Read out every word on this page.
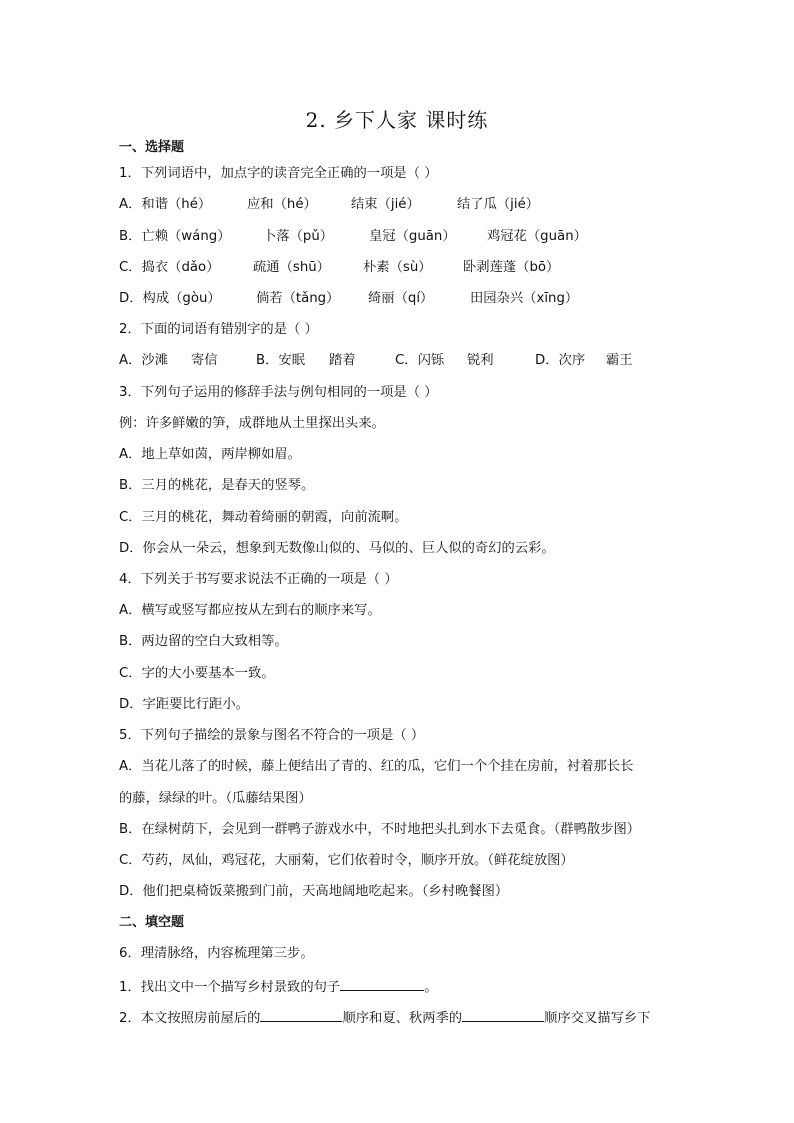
2. 乡下人家 课时练
一、选择题
1．下列词语中，加点字的读音完全正确的一项是（ ）
A．和谐（hé）	应和（hé）	结束（jié）	结了瓜（jié）
B．亡赖（wáng） 卜落（pǔ）	皇冠（guān） 鸡冠花（guān）
C．捣衣（dǎo）	疏通（shū） 朴素（sù） 卧剥莲蓬（bō）
D．构成（gòu）	倘若（tǎng） 绮丽（qí）	田园杂兴（xīng）
2．下面的词语有错别字的是（ ）
A．沙滩 寄信	B．安眠 踏着	C．闪铄 锐利	D．次序 霸王
3．下列句子运用的修辞手法与例句相同的一项是（ ）
例：许多鲜嫩的笋，成群地从土里探出头来。
A．地上草如茵，两岸柳如眉。
B．三月的桃花，是春天的竖琴。
C．三月的桃花，舞动着绮丽的朝霞，向前流啊。
D．你会从一朵云，想象到无数像山似的、马似的、巨人似的奇幻的云彩。
4．下列关于书写要求说法不正确的一项是（ ）
A．横写或竖写都应按从左到右的顺序来写。
B．两边留的空白大致相等。
C．字的大小要基本一致。
D．字距要比行距小。
5．下列句子描绘的景象与图名不符合的一项是（ ）
A．当花儿落了的时候，藤上便结出了青的、红的瓜，它们一个个挂在房前，衬着那长长
的藤，绿绿的叶。（瓜藤结果图）
B．在绿树荫下，会见到一群鸭子游戏水中，不时地把头扎到水下去觅食。（群鸭散步图）
C．芍药，凤仙，鸡冠花，大丽菊，它们依着时令，顺序开放。（鲜花绽放图）
D．他们把桌椅饭菜搬到门前，天高地阔地吃起来。（乡村晚餐图）
二、填空题
6．理清脉络，内容梳理第三步。
1．找出文中一个描写乡村景致的句子	。
2．本文按照房前屋后的	顺序和夏、秋两季的	顺序交叉描写乡下
